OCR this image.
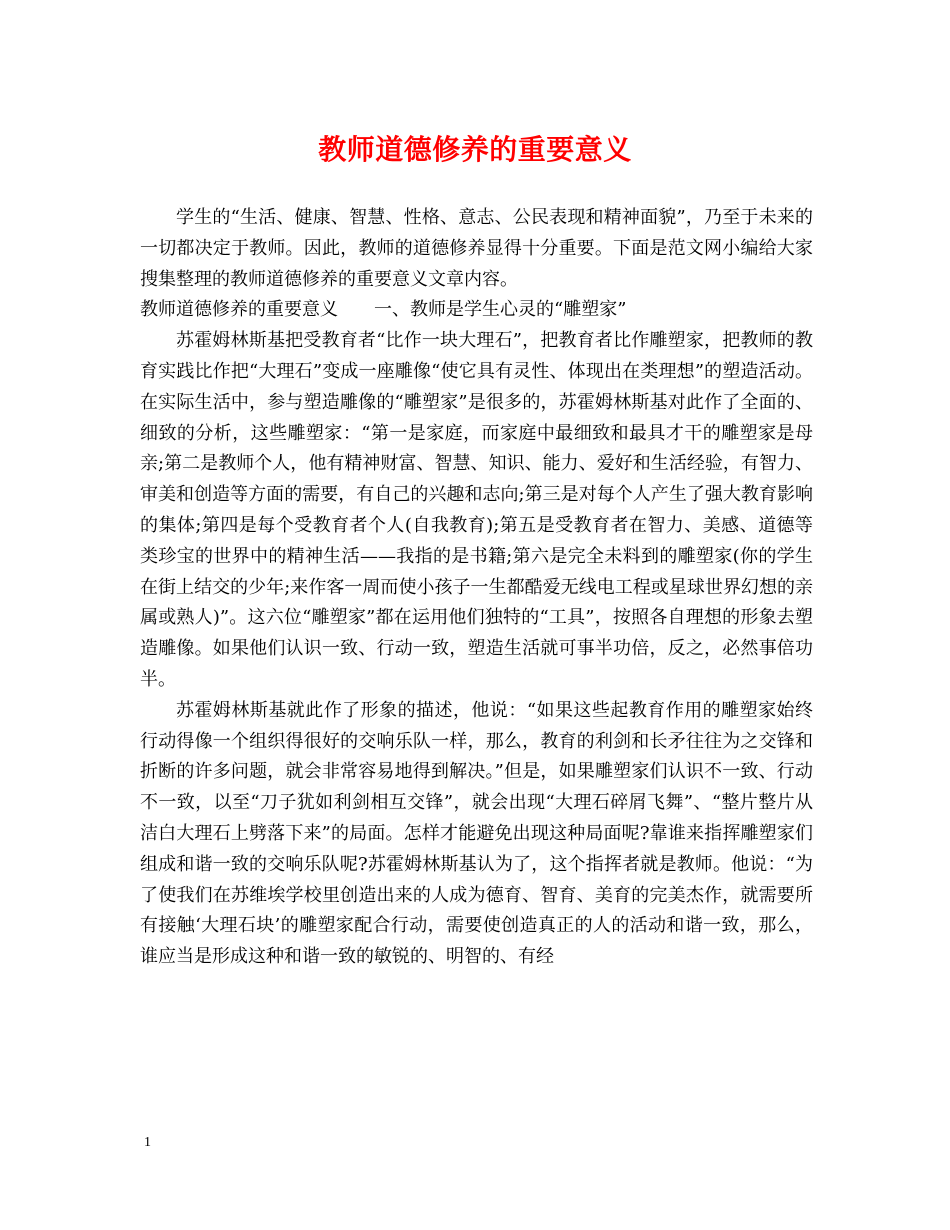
教师道德修养的重要意义

学生的“生活、健康、智慧、性格、意志、公民表现和精神面貌”，乃至于未来的一切都决定于教师。因此，教师的道德修养显得十分重要。下面是范文网小编给大家搜集整理的教师道德修养的重要意义文章内容。

教师道德修养的重要意义 一、教师是学生心灵的“雕塑家”

苏霍姆林斯基把受教育者“比作一块大理石”，把教育者比作雕塑家，把教师的教育实践比作把“大理石”变成一座雕像“使它具有灵性、体现出在类理想”的塑造活动。在实际生活中，参与塑造雕像的“雕塑家”是很多的，苏霍姆林斯基对此作了全面的、细致的分析，这些雕塑家：“第一是家庭，而家庭中最细致和最具才干的雕塑家是母亲;第二是教师个人，他有精神财富、智慧、知识、能力、爱好和生活经验，有智力、审美和创造等方面的需要，有自己的兴趣和志向;第三是对每个人产生了强大教育影响的集体;第四是每个受教育者个人(自我教育);第五是受教育者在智力、美感、道德等类珍宝的世界中的精神生活——我指的是书籍;第六是完全未料到的雕塑家(你的学生在街上结交的少年;来作客一周而使小孩子一生都酷爱无线电工程或星球世界幻想的亲属或熟人)”。这六位“雕塑家”都在运用他们独特的“工具”，按照各自理想的形象去塑造雕像。如果他们认识一致、行动一致，塑造生活就可事半功倍，反之，必然事倍功半。

苏霍姆林斯基就此作了形象的描述，他说：“如果这些起教育作用的雕塑家始终行动得像一个组织得很好的交响乐队一样，那么，教育的利剑和长矛往往为之交锋和折断的许多问题，就会非常容易地得到解决。”但是，如果雕塑家们认识不一致、行动不一致，以至“刀子犹如利剑相互交锋”，就会出现“大理石碎屑飞舞”、“整片整片从洁白大理石上劈落下来”的局面。怎样才能避免出现这种局面呢?靠谁来指挥雕塑家们组成和谐一致的交响乐队呢?苏霍姆林斯基认为了，这个指挥者就是教师。他说：“为了使我们在苏维埃学校里创造出来的人成为德育、智育、美育的完美杰作，就需要所有接触‘大理石块’的雕塑家配合行动，需要使创造真正的人的活动和谐一致，那么，谁应当是形成这种和谐一致的敏锐的、明智的、有经

1
